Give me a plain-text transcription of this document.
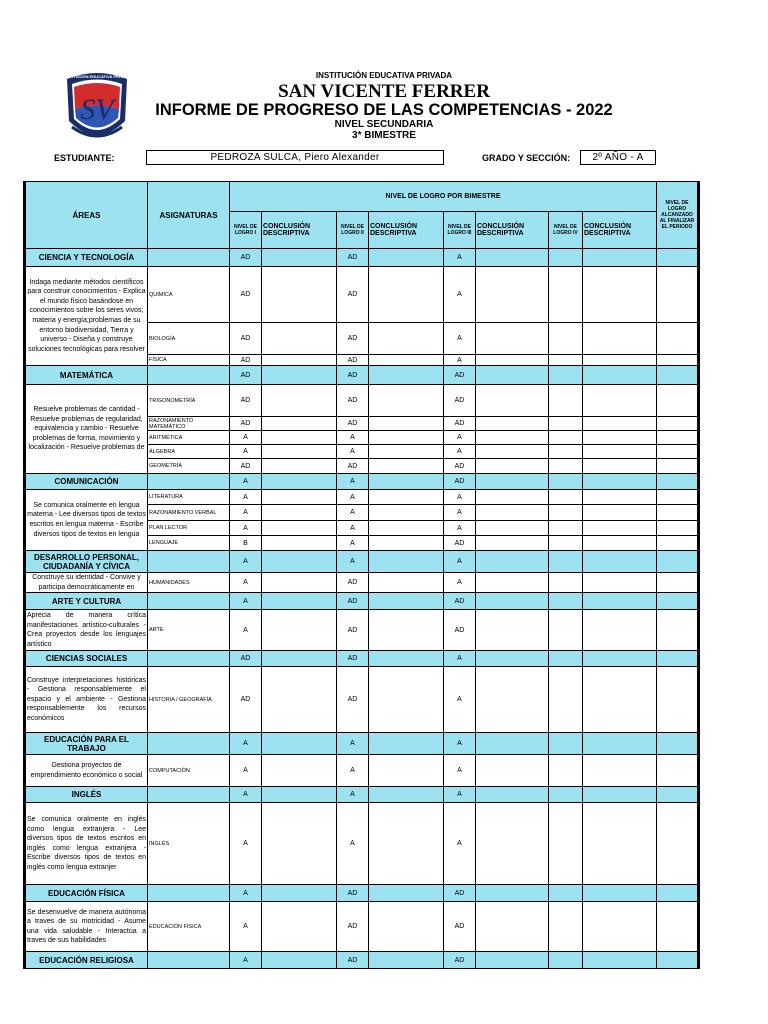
INSTITUCIÓN EDUCATIVA PRIVADA
SV
INSTITUCIÓN EDUCATIVA PRIVADA
SAN VICENTE FERRER
INFORME DE PROGRESO DE LAS COMPETENCIAS - 2022
NIVEL SECUNDARIA
3* BIMESTRE
ESTUDIANTE:	PEDROZA SULCA, Piero Alexander	GRADO Y SECCIÓN:	2º AÑO - A
ÁREAS	ASIGNATURAS	NIVEL DE LOGRO POR BIMESTRE								NIVEL DE LOGRO ALCANZADO AL FINALIZAR EL PERIODO
		NIVEL DE LOGRO I	CONCLUSIÓN DESCRIPTIVA	NIVEL DE LOGRO II	CONCLUSIÓN DESCRIPTIVA	NIVEL DE LOGRO III	CONCLUSIÓN DESCRIPTIVA	NIVEL DE LOGRO IV	CONCLUSIÓN DESCRIPTIVA	
CIENCIA Y TECNOLOGÍA		AD		AD		A				
Indaga mediante métodos científicos para construir conocimientos - Explica el mundo físico basándose en conocimientos sobre los seres vivos; materia y energía;problemas de su entorno biodiversidad, Tierra y universo - Diseña y construye soluciones tecnológicas para resolver	QUÍMICA	AD		AD		A				
	BIOLOGÍA	AD		AD		A				
	FÍSICA	AD		AD		A				
MATEMÁTICA		AD		AD		AD				
Resuelve problemas de cantidad - Resuelve problemas de regularidad, equivalencia y cambio - Resuelve problemas de forma, movimiento y localización - Resuelve problemas de	TRIGONOMETRÍA	AD		AD		AD				
	RAZONAMIENTO MATEMÁTICO	AD		AD		AD				
	ARITMÉTICA	A		A		A				
	ÁLGEBRA	A		A		A				
	GEOMETRÍA	AD		AD		AD				
COMUNICACIÓN		A		A		AD				
Se comunica oralmente en lengua materna - Lee diversos tipos de textos escritos en lengua materna - Escribe diversos tipos de textos en lengua	LITERATURA	A		A		A				
	RAZONAMIENTO VERBAL	A		A		A				
	PLAN LECTOR	A		A		A				
	LENGUAJE	B		A		AD				
DESARROLLO PERSONAL, CIUDADANÍA Y CÍVICA		A		A		A				
Construye su identidad - Convive y participa democráticamente en	HUMANIDADES	A		AD		A				
ARTE Y CULTURA		A		AD		AD				
Aprecia de manera crítica manifestaciones artístico-culturales - Crea proyectos desde los lenguajes artístico	ARTE	A		AD		AD				
CIENCIAS SOCIALES		AD		AD		A				
Construye interpretaciones históricas - Gestiona responsablemente el espacio y el ambiente - Gestiona responsablemente los recursos económicos	HISTORIA / GEOGRAFÍA	AD		AD		A				
EDUCACIÓN PARA EL TRABAJO		A		A		A				
Gestiona proyectos de emprendimiento económico o social	COMPUTACIÓN	A		A		A				
INGLÉS		A		A		A				
Se comunica oralmente en inglés como lengua extranjera - Lee diversos tipos de textos escritos en inglés como lengua extranjera - Escribe diversos tipos de textos en inglés como lengua extranjer	INGLÉS	A		A		A				
EDUCACIÓN FÍSICA		A		AD		AD				
Se desenvuelve de manera autónoma a traves de su motricidad - Asume una vida saludable - Interactúa a traves de sus habilidades	EDUCACIÓN FÍSICA	A		AD		AD				
EDUCACIÓN RELIGIOSA		A		AD		AD				
